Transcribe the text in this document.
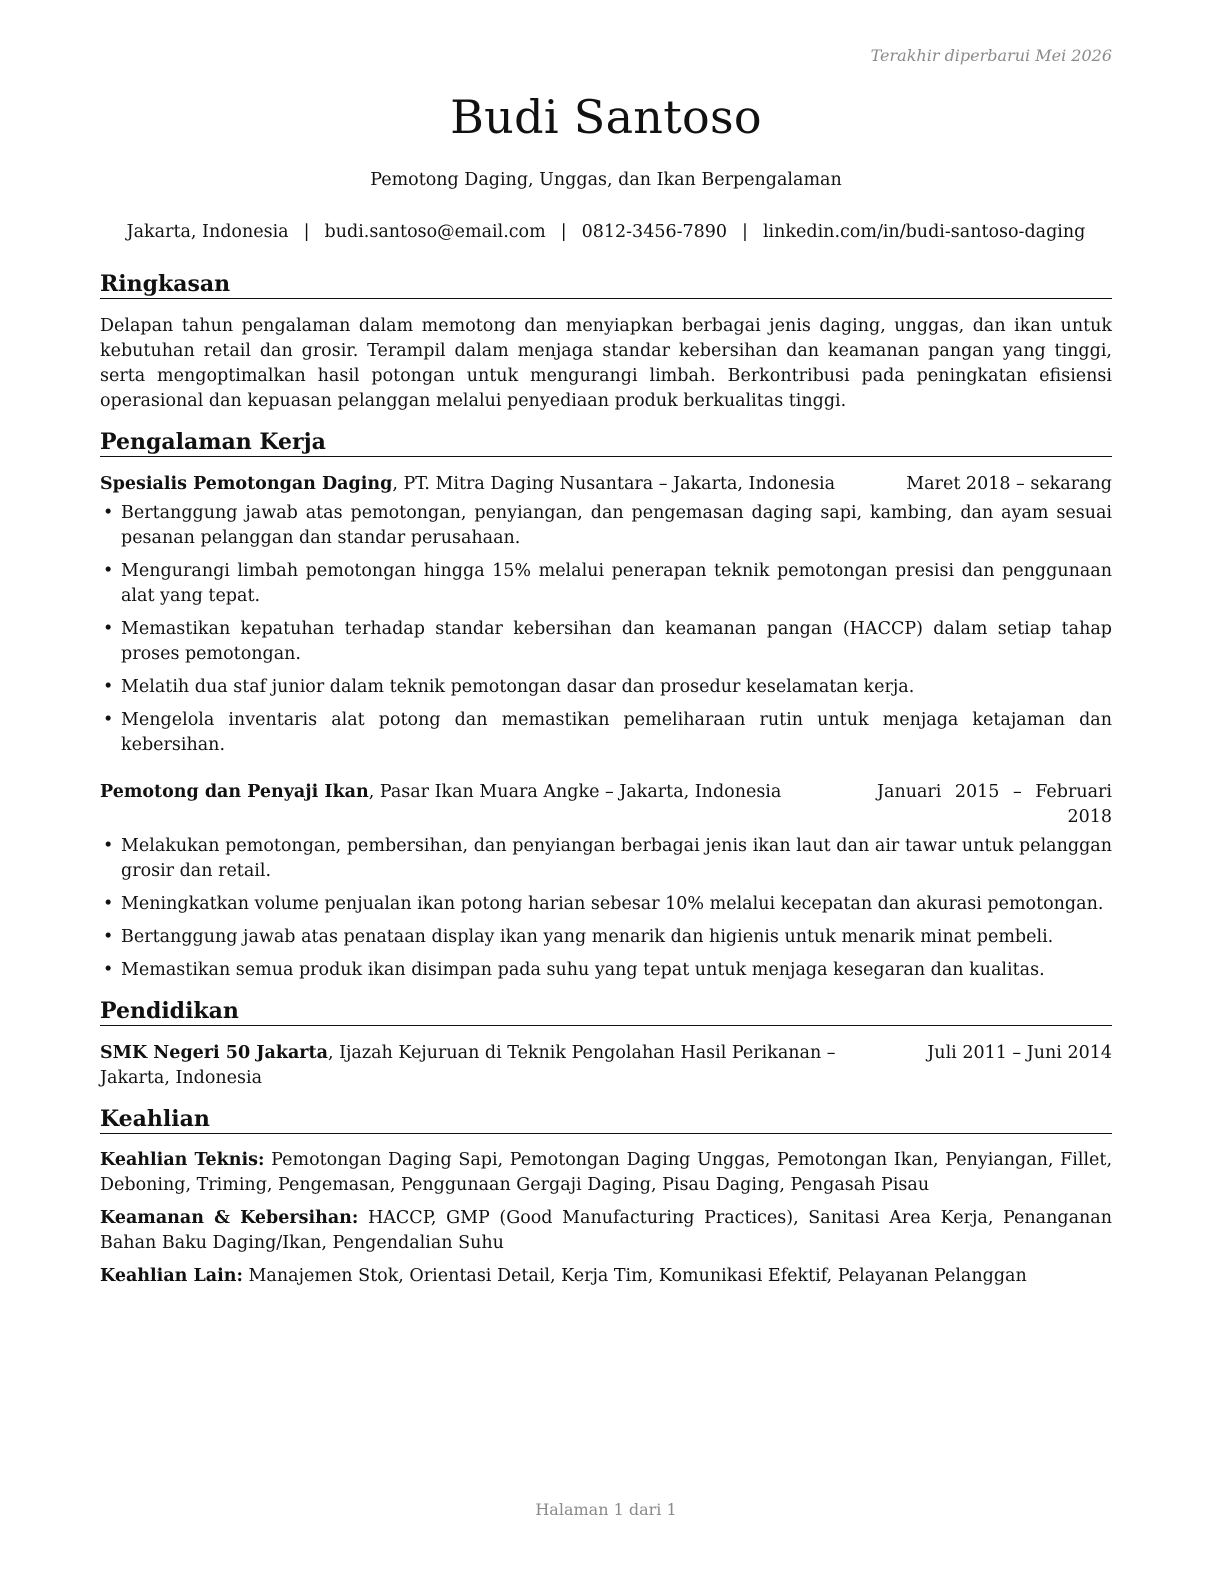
Terakhir diperbarui Mei 2026
Budi Santoso
Pemotong Daging, Unggas, dan Ikan Berpengalaman
Jakarta, Indonesia | budi.santoso@email.com | 0812-3456-7890 | linkedin.com/in/budi-santoso-daging
Ringkasan

Delapan tahun pengalaman dalam memotong dan menyiapkan berbagai jenis daging, unggas, dan ikan untuk kebutuhan retail dan grosir. Terampil dalam menjaga standar kebersihan dan keamanan pangan yang tinggi, serta mengoptimalkan hasil potongan untuk mengurangi limbah. Berkontribusi pada peningkatan efisiensi operasional dan kepuasan pelanggan melalui penyediaan produk berkualitas tinggi.

Pengalaman Kerja
Spesialis Pemotongan Daging, PT. Mitra Daging Nusantara – Jakarta, Indonesia	Maret 2018 – sekarang
• Bertanggung jawab atas pemotongan, penyiangan, dan pengemasan daging sapi, kambing, dan ayam sesuai pesanan pelanggan dan standar perusahaan.
• Mengurangi limbah pemotongan hingga 15% melalui penerapan teknik pemotongan presisi dan penggunaan alat yang tepat.
• Memastikan kepatuhan terhadap standar kebersihan dan keamanan pangan (HACCP) dalam setiap tahap proses pemotongan.
• Melatih dua staf junior dalam teknik pemotongan dasar dan prosedur keselamatan kerja.
• Mengelola inventaris alat potong dan memastikan pemeliharaan rutin untuk menjaga ketajaman dan kebersihan.
Pemotong dan Penyaji Ikan, Pasar Ikan Muara Angke – Jakarta, Indonesia	Januari 2015 – Februari 2018
• Melakukan pemotongan, pembersihan, dan penyiangan berbagai jenis ikan laut dan air tawar untuk pelanggan grosir dan retail.
• Meningkatkan volume penjualan ikan potong harian sebesar 10% melalui kecepatan dan akurasi pemotongan.
• Bertanggung jawab atas penataan display ikan yang menarik dan higienis untuk menarik minat pembeli.
• Memastikan semua produk ikan disimpan pada suhu yang tepat untuk menjaga kesegaran dan kualitas.
Pendidikan
SMK Negeri 50 Jakarta, Ijazah Kejuruan di Teknik Pengolahan Hasil Perikanan – Jakarta, Indonesia
Juli 2011 – Juni 2014
Keahlian

Keahlian Teknis: Pemotongan Daging Sapi, Pemotongan Daging Unggas, Pemotongan Ikan, Penyiangan, Fillet, Deboning, Triming, Pengemasan, Penggunaan Gergaji Daging, Pisau Daging, Pengasah Pisau

Keamanan & Kebersihan: HACCP, GMP (Good Manufacturing Practices), Sanitasi Area Kerja, Penanganan Bahan Baku Daging/Ikan, Pengendalian Suhu

Keahlian Lain: Manajemen Stok, Orientasi Detail, Kerja Tim, Komunikasi Efektif, Pelayanan Pelanggan

Halaman 1 dari 1
